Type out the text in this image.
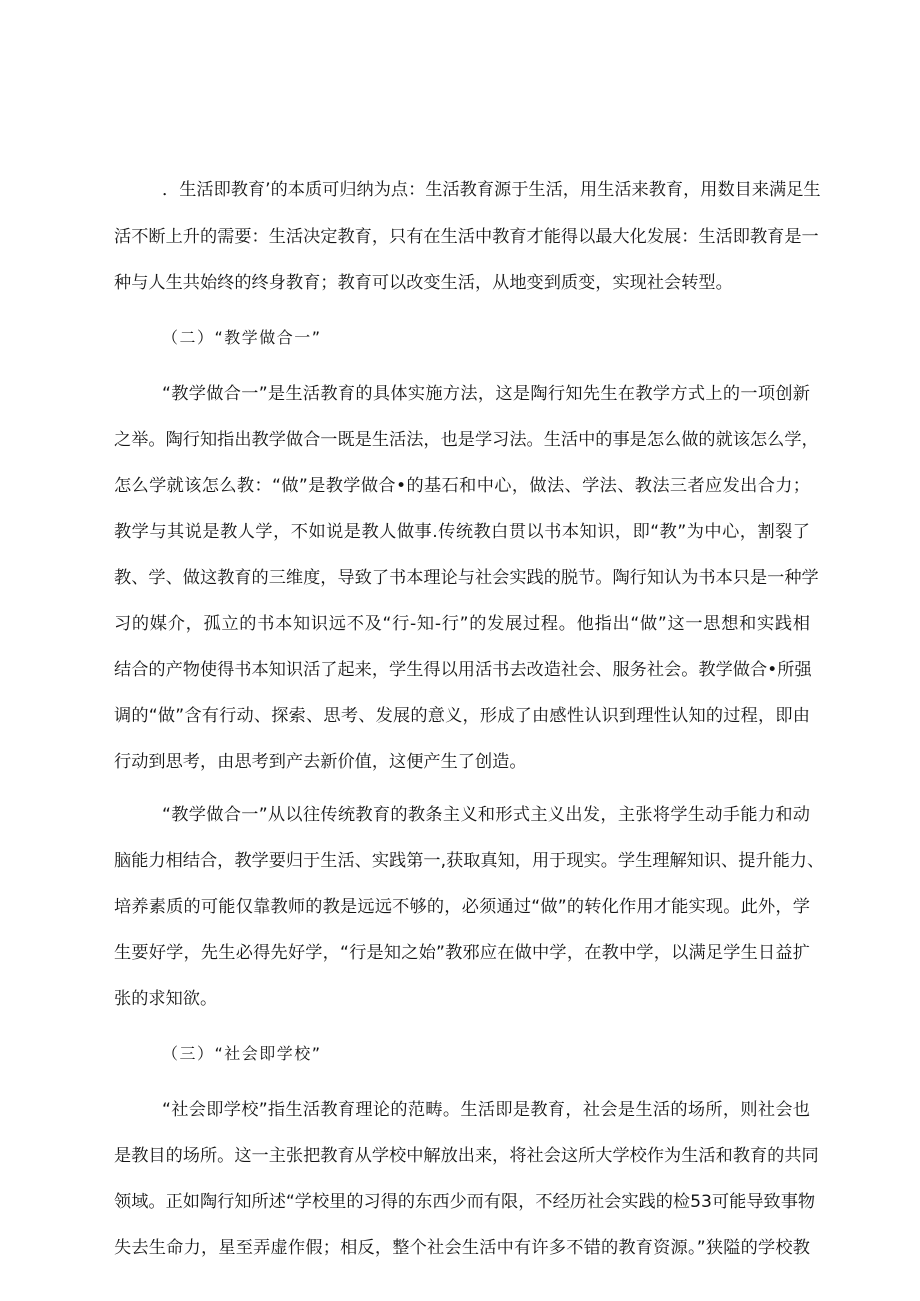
．生活即教育’的本质可归纳为点：生活教育源于生活，用生活来教育，用数目来满足生
活不断上升的需要：生活决定教育，只有在生活中教育才能得以最大化发展：生活即教育是一
种与人生共始终的终身教育；教育可以改变生活，从地变到质变，实现社会转型。
（二）“教学做合一”
“教学做合一”是生活教育的具体实施方法，这是陶行知先生在教学方式上的一项创新
之举。陶行知指出教学做合一既是生活法，也是学习法。生活中的事是怎么做的就该怎么学，
怎么学就该怎么教：“做”是教学做合•的基石和中心，做法、学法、教法三者应发出合力；
教学与其说是教人学，不如说是教人做事.传统教白贯以书本知识，即“教”为中心，割裂了
教、学、做这教育的三维度，导致了书本理论与社会实践的脱节。陶行知认为书本只是一种学
习的媒介，孤立的书本知识远不及“行-知-行”的发展过程。他指出“做”这一思想和实践相
结合的产物使得书本知识活了起来，学生得以用活书去改造社会、服务社会。教学做合•所强
调的“做”含有行动、探索、思考、发展的意义，形成了由感性认识到理性认知的过程，即由
行动到思考，由思考到产去新价值，这便产生了创造。
“教学做合一”从以往传统教育的教条主义和形式主义出发，主张将学生动手能力和动
脑能力相结合，教学要归于生活、实践第一,获取真知，用于现实。学生理解知识、提升能力、
培养素质的可能仅靠教师的教是远远不够的，必须通过“做”的转化作用才能实现。此外，学
生要好学，先生必得先好学，“行是知之始”教邪应在做中学，在教中学，以满足学生日益扩
张的求知欲。
（三）“社会即学校”
“社会即学校”指生活教育理论的范畴。生活即是教育，社会是生活的场所，则社会也
是教目的场所。这一主张把教育从学校中解放出来，将社会这所大学校作为生活和教育的共同
领域。正如陶行知所述“学校里的习得的东西少而有限，不经历社会实践的检53可能导致事物
失去生命力，星至弄虚作假；相反，整个社会生活中有许多不错的教育资源。”狭隘的学校教
